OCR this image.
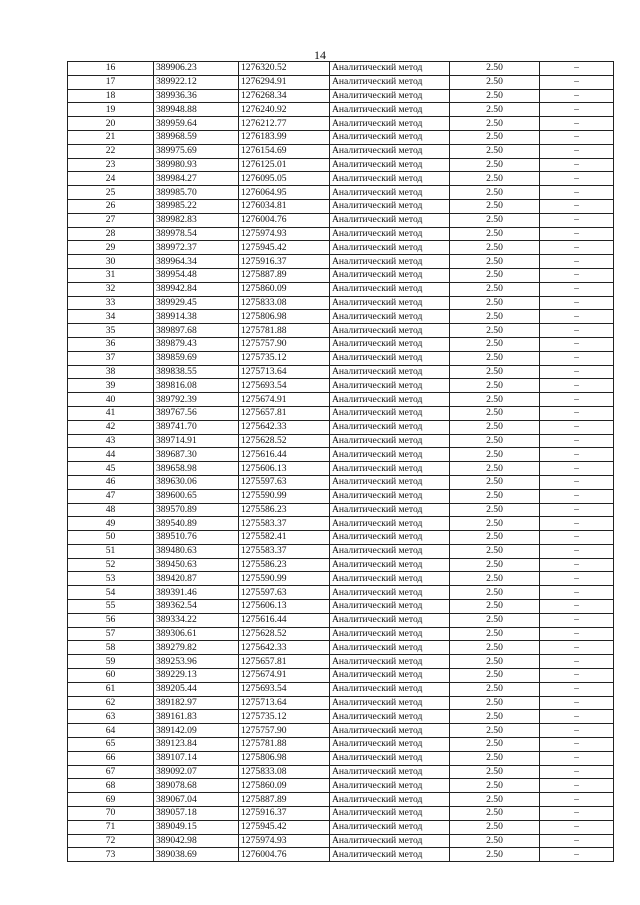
14
16	389906.23	1276320.52	Аналитический метод	2.50	–
17	389922.12	1276294.91	Аналитический метод	2.50	–
18	389936.36	1276268.34	Аналитический метод	2.50	–
19	389948.88	1276240.92	Аналитический метод	2.50	–
20	389959.64	1276212.77	Аналитический метод	2.50	–
21	389968.59	1276183.99	Аналитический метод	2.50	–
22	389975.69	1276154.69	Аналитический метод	2.50	–
23	389980.93	1276125.01	Аналитический метод	2.50	–
24	389984.27	1276095.05	Аналитический метод	2.50	–
25	389985.70	1276064.95	Аналитический метод	2.50	–
26	389985.22	1276034.81	Аналитический метод	2.50	–
27	389982.83	1276004.76	Аналитический метод	2.50	–
28	389978.54	1275974.93	Аналитический метод	2.50	–
29	389972.37	1275945.42	Аналитический метод	2.50	–
30	389964.34	1275916.37	Аналитический метод	2.50	–
31	389954.48	1275887.89	Аналитический метод	2.50	–
32	389942.84	1275860.09	Аналитический метод	2.50	–
33	389929.45	1275833.08	Аналитический метод	2.50	–
34	389914.38	1275806.98	Аналитический метод	2.50	–
35	389897.68	1275781.88	Аналитический метод	2.50	–
36	389879.43	1275757.90	Аналитический метод	2.50	–
37	389859.69	1275735.12	Аналитический метод	2.50	–
38	389838.55	1275713.64	Аналитический метод	2.50	–
39	389816.08	1275693.54	Аналитический метод	2.50	–
40	389792.39	1275674.91	Аналитический метод	2.50	–
41	389767.56	1275657.81	Аналитический метод	2.50	–
42	389741.70	1275642.33	Аналитический метод	2.50	–
43	389714.91	1275628.52	Аналитический метод	2.50	–
44	389687.30	1275616.44	Аналитический метод	2.50	–
45	389658.98	1275606.13	Аналитический метод	2.50	–
46	389630.06	1275597.63	Аналитический метод	2.50	–
47	389600.65	1275590.99	Аналитический метод	2.50	–
48	389570.89	1275586.23	Аналитический метод	2.50	–
49	389540.89	1275583.37	Аналитический метод	2.50	–
50	389510.76	1275582.41	Аналитический метод	2.50	–
51	389480.63	1275583.37	Аналитический метод	2.50	–
52	389450.63	1275586.23	Аналитический метод	2.50	–
53	389420.87	1275590.99	Аналитический метод	2.50	–
54	389391.46	1275597.63	Аналитический метод	2.50	–
55	389362.54	1275606.13	Аналитический метод	2.50	–
56	389334.22	1275616.44	Аналитический метод	2.50	–
57	389306.61	1275628.52	Аналитический метод	2.50	–
58	389279.82	1275642.33	Аналитический метод	2.50	–
59	389253.96	1275657.81	Аналитический метод	2.50	–
60	389229.13	1275674.91	Аналитический метод	2.50	–
61	389205.44	1275693.54	Аналитический метод	2.50	–
62	389182.97	1275713.64	Аналитический метод	2.50	–
63	389161.83	1275735.12	Аналитический метод	2.50	–
64	389142.09	1275757.90	Аналитический метод	2.50	–
65	389123.84	1275781.88	Аналитический метод	2.50	–
66	389107.14	1275806.98	Аналитический метод	2.50	–
67	389092.07	1275833.08	Аналитический метод	2.50	–
68	389078.68	1275860.09	Аналитический метод	2.50	–
69	389067.04	1275887.89	Аналитический метод	2.50	–
70	389057.18	1275916.37	Аналитический метод	2.50	–
71	389049.15	1275945.42	Аналитический метод	2.50	–
72	389042.98	1275974.93	Аналитический метод	2.50	–
73	389038.69	1276004.76	Аналитический метод	2.50	–
